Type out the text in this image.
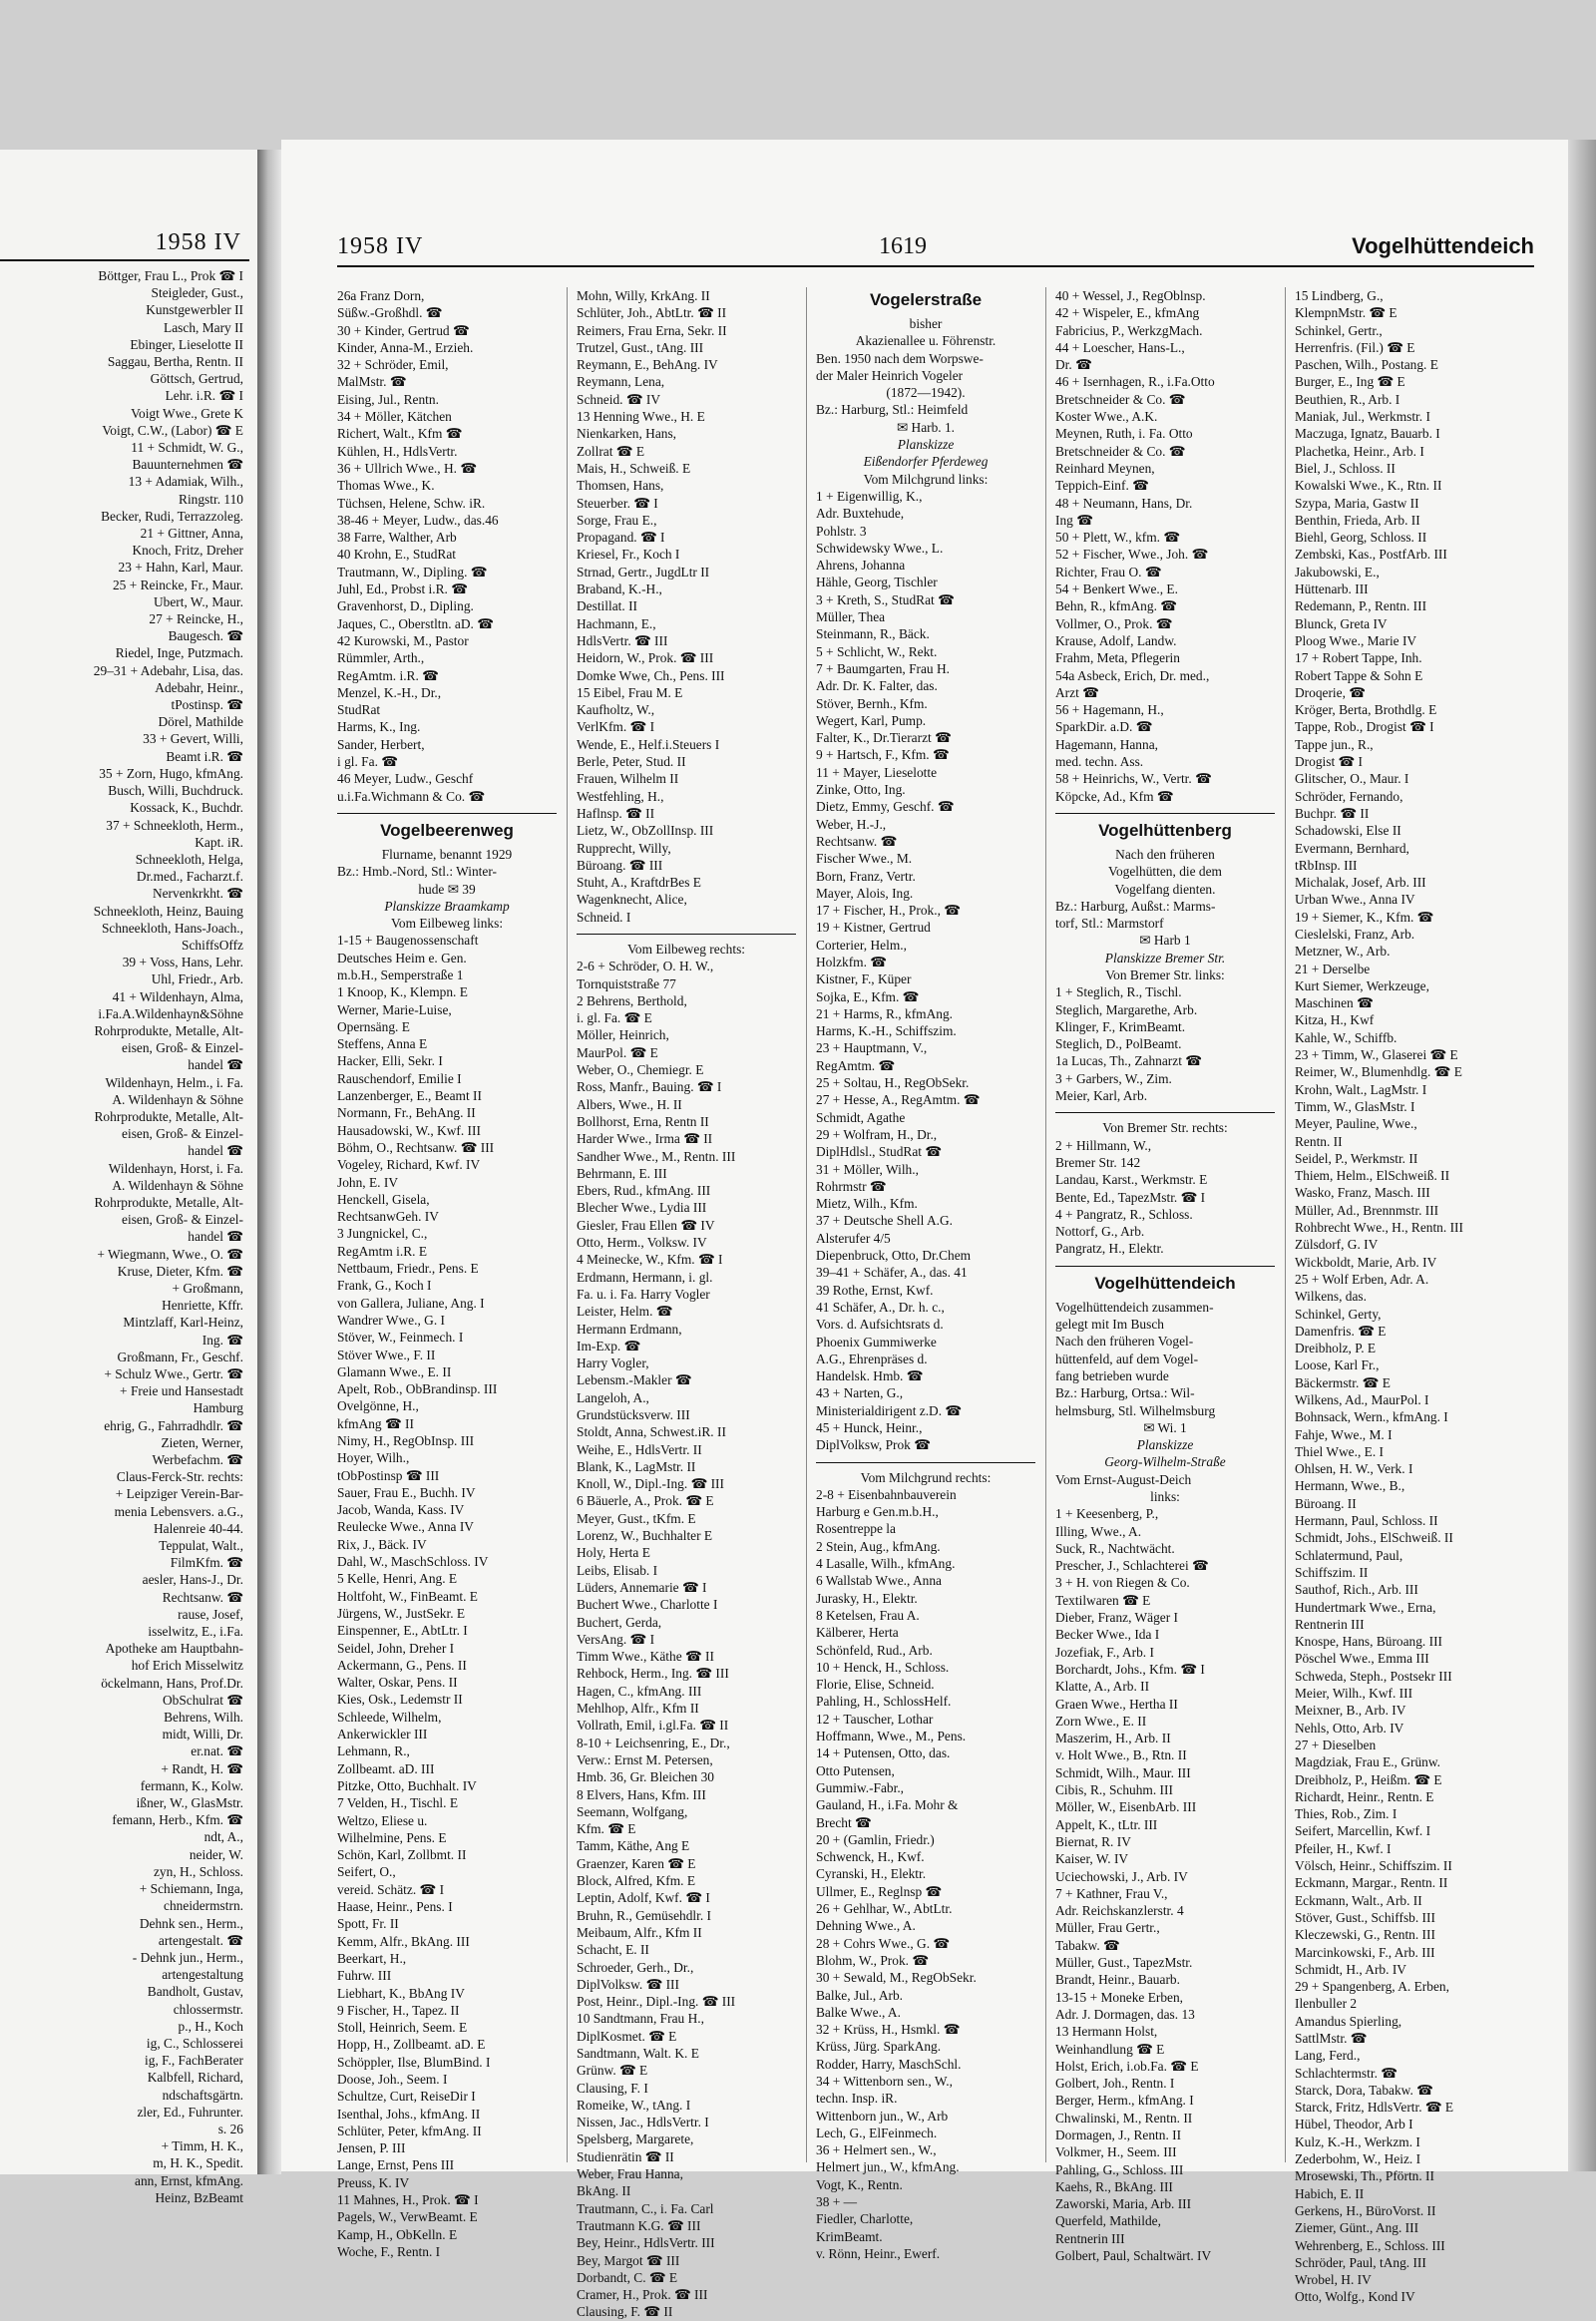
1958 IV
Böttger, Frau L., Prok ☎ I
Steigleder, Gust.,
Kunstgewerbler II
Lasch, Mary II
Ebinger, Lieselotte II
Saggau, Bertha, Rentn. II
Göttsch, Gertrud,
Lehr. i.R. ☎ I
Voigt Wwe., Grete K
Voigt, C.W., (Labor) ☎ E
11 + Schmidt, W. G.,
Bauunternehmen ☎
13 + Adamiak, Wilh.,
Ringstr. 110
Becker, Rudi, Terrazzoleg.
21 + Gittner, Anna,
Knoch, Fritz, Dreher
23 + Hahn, Karl, Maur.
25 + Reincke, Fr., Maur.
Ubert, W., Maur.
27 + Reincke, H.,
Baugesch. ☎
Riedel, Inge, Putzmach.
29–31 + Adebahr, Lisa, das.
Adebahr, Heinr.,
tPostinsp. ☎
Dörel, Mathilde
33 + Gevert, Willi,
Beamt i.R. ☎
35 + Zorn, Hugo, kfmAng.
Busch, Willi, Buchdruck.
Kossack, K., Buchdr.
37 + Schneekloth, Herm.,
Kapt. iR.
Schneekloth, Helga,
Dr.med., Facharzt.f.
Nervenkrkht. ☎
Schneekloth, Heinz, Bauing
Schneekloth, Hans-Joach.,
SchiffsOffz
39 + Voss, Hans, Lehr.
Uhl, Friedr., Arb.
41 + Wildenhayn, Alma,
i.Fa.A.Wildenhayn&Söhne
Rohrprodukte, Metalle, Alt-
eisen, Groß- & Einzel-
handel ☎
Wildenhayn, Helm., i. Fa.
A. Wildenhayn & Söhne
Rohrprodukte, Metalle, Alt-
eisen, Groß- & Einzel-
handel ☎
Wildenhayn, Horst, i. Fa.
A. Wildenhayn & Söhne
Rohrprodukte, Metalle, Alt-
eisen, Groß- & Einzel-
handel ☎
+ Wiegmann, Wwe., O. ☎
Kruse, Dieter, Kfm. ☎
+ Großmann,
Henriette, Kffr.
Mintzlaff, Karl-Heinz,
Ing. ☎
Großmann, Fr., Geschf.
+ Schulz Wwe., Gertr. ☎
+ Freie und Hansestadt
Hamburg
ehrig, G., Fahrradhdlr. ☎
Zieten, Werner,
Werbefachm. ☎
Claus-Ferck-Str. rechts:
+ Leipziger Verein-Bar-
menia Lebensvers. a.G.,
Halenreie 40-44.
Teppulat, Walt.,
FilmKfm. ☎
aesler, Hans-J., Dr.
Rechtsanw. ☎
rause, Josef,
isselwitz, E., i.Fa.
Apotheke am Hauptbahn-
hof Erich Misselwitz
öckelmann, Hans, Prof.Dr.
ObSchulrat ☎
Behrens, Wilh.
midt, Willi, Dr.
er.nat. ☎
+ Randt, H. ☎
fermann, K., Kolw.
ißner, W., GlasMstr.
femann, Herb., Kfm. ☎
ndt, A.,
neider, W.
zyn, H., Schloss.
+ Schiemann, Inga,
chneidermstrn.
Dehnk sen., Herm.,
artengestalt. ☎
- Dehnk jun., Herm.,
artengestaltung
Bandholt, Gustav,
chlossermstr.
p., H., Koch
ig, C., Schlosserei
ig, F., FachBerater
Kalbfell, Richard,
ndschaftsgärtn.
zler, Ed., Fuhrunter.
s. 26
+ Timm, H. K.,
m, H. K., Spedit.
ann, Ernst, kfmAng.
Heinz, BzBeamt
1958 IV	1619	Vogelhüttendeich
26a Franz Dorn,
Süßw.-Großhdl. ☎
30 + Kinder, Gertrud ☎
Kinder, Anna-M., Erzieh.
32 + Schröder, Emil,
MalMstr. ☎
Eising, Jul., Rentn.
34 + Möller, Kätchen
Richert, Walt., Kfm ☎
Kühlen, H., HdlsVertr.
36 + Ullrich Wwe., H. ☎
Thomas Wwe., K.
Tüchsen, Helene, Schw. iR.
38-46 + Meyer, Ludw., das.46
38 Farre, Walther, Arb
40 Krohn, E., StudRat
Trautmann, W., Dipling. ☎
Juhl, Ed., Probst i.R. ☎
Gravenhorst, D., Dipling.
Jaques, C., Oberstltn. aD. ☎
42 Kurowski, M., Pastor
Rümmler, Arth.,
RegAmtm. i.R. ☎
Menzel, K.-H., Dr.,
StudRat
Harms, K., Ing.
Sander, Herbert,
i gl. Fa. ☎
46 Meyer, Ludw., Geschf
u.i.Fa.Wichmann & Co. ☎
Vogelbeerenweg
Flurname, benannt 1929
Bz.: Hmb.-Nord, Stl.: Winter-
hude ✉ 39
Planskizze Braamkamp
Vom Eilbeweg links:
1-15 + Baugenossenschaft
Deutsches Heim e. Gen.
m.b.H., Semperstraße 1
1 Knoop, K., Klempn. E
Werner, Marie-Luise,
Opernsäng. E
Steffens, Anna E
Hacker, Elli, Sekr. I
Rauschendorf, Emilie I
Lanzenberger, E., Beamt II
Normann, Fr., BehAng. II
Hausadowski, W., Kwf. III
Böhm, O., Rechtsanw. ☎ III
Vogeley, Richard, Kwf. IV
John, E. IV
Henckell, Gisela,
RechtsanwGeh. IV
3 Jungnickel, C.,
RegAmtm i.R. E
Nettbaum, Friedr., Pens. E
Frank, G., Koch I
von Gallera, Juliane, Ang. I
Wandrer Wwe., G. I
Stöver, W., Feinmech. I
Stöver Wwe., F. II
Glamann Wwe., E. II
Apelt, Rob., ObBrandinsp. III
Ovelgönne, H.,
kfmAng ☎ II
Nimy, H., RegObInsp. III
Hoyer, Wilh.,
tObPostinsp ☎ III
Sauer, Frau E., Buchh. IV
Jacob, Wanda, Kass. IV
Reulecke Wwe., Anna IV
Rix, J., Bäck. IV
Dahl, W., MaschSchloss. IV
5 Kelle, Henri, Ang. E
Holtfoht, W., FinBeamt. E
Jürgens, W., JustSekr. E
Einspenner, E., AbtLtr. I
Seidel, John, Dreher I
Ackermann, G., Pens. II
Walter, Oskar, Pens. II
Kies, Osk., Ledemstr II
Schleede, Wilhelm,
Ankerwickler III
Lehmann, R.,
Zollbeamt. aD. III
Pitzke, Otto, Buchhalt. IV
7 Velden, H., Tischl. E
Weltzo, Eliese u.
Wilhelmine, Pens. E
Schön, Karl, Zollbmt. II
Seifert, O.,
vereid. Schätz. ☎ I
Haase, Heinr., Pens. I
Spott, Fr. II
Kemm, Alfr., BkAng. III
Beerkart, H.,
Fuhrw. III
Liebhart, K., BbAng IV
9 Fischer, H., Tapez. II
Stoll, Heinrich, Seem. E
Hopp, H., Zollbeamt. aD. E
Schöppler, Ilse, BlumBind. I
Doose, Joh., Seem. I
Schultze, Curt, ReiseDir I
Isenthal, Johs., kfmAng. II
Schlüter, Peter, kfmAng. II
Jensen, P. III
Lange, Ernst, Pens III
Preuss, K. IV
11 Mahnes, H., Prok. ☎ I
Pagels, W., VerwBeamt. E
Kamp, H., ObKelln. E
Woche, F., Rentn. I
Mohn, Willy, KrkAng. II
Schlüter, Joh., AbtLtr. ☎ II
Reimers, Frau Erna, Sekr. II
Trutzel, Gust., tAng. III
Reymann, E., BehAng. IV
Reymann, Lena,
Schneid. ☎ IV
13 Henning Wwe., H. E
Nienkarken, Hans,
Zollrat ☎ E
Mais, H., Schweiß. E
Thomsen, Hans,
Steuerber. ☎ I
Sorge, Frau E.,
Propagand. ☎ I
Kriesel, Fr., Koch I
Strnad, Gertr., JugdLtr II
Braband, K.-H.,
Destillat. II
Hachmann, E.,
HdlsVertr. ☎ III
Heidorn, W., Prok. ☎ III
Domke Wwe, Ch., Pens. III
15 Eibel, Frau M. E
Kaufholtz, W.,
VerlKfm. ☎ I
Wende, E., Helf.i.Steuers I
Berle, Peter, Stud. II
Frauen, Wilhelm II
Westfehling, H.,
Haflnsp. ☎ II
Lietz, W., ObZollInsp. III
Rupprecht, Willy,
Büroang. ☎ III
Stuht, A., KraftdrBes E
Wagenknecht, Alice,
Schneid. I
Vom Eilbeweg rechts:
2-6 + Schröder, O. H. W.,
Tornquiststraße 77
2 Behrens, Berthold,
i. gl. Fa. ☎ E
Möller, Heinrich,
MaurPol. ☎ E
Weber, O., Chemiegr. E
Ross, Manfr., Bauing. ☎ I
Albers, Wwe., H. II
Bollhorst, Erna, Rentn II
Harder Wwe., Irma ☎ II
Sandher Wwe., M., Rentn. III
Behrmann, E. III
Ebers, Rud., kfmAng. III
Blecher Wwe., Lydia III
Giesler, Frau Ellen ☎ IV
Otto, Herm., Volksw. IV
4 Meinecke, W., Kfm. ☎ I
Erdmann, Hermann, i. gl.
Fa. u. i. Fa. Harry Vogler
Leister, Helm. ☎
Hermann Erdmann,
Im-Exp. ☎
Harry Vogler,
Lebensm.-Makler ☎
Langeloh, A.,
Grundstücksverw. III
Stoldt, Anna, Schwest.iR. II
Weihe, E., HdlsVertr. II
Blank, K., LagMstr. II
Knoll, W., Dipl.-Ing. ☎ III
6 Bäuerle, A., Prok. ☎ E
Meyer, Gust., tKfm. E
Lorenz, W., Buchhalter E
Holy, Herta E
Leibs, Elisab. I
Lüders, Annemarie ☎ I
Buchert Wwe., Charlotte I
Buchert, Gerda,
VersAng. ☎ I
Timm Wwe., Käthe ☎ II
Rehbock, Herm., Ing. ☎ III
Hagen, C., kfmAng. III
Mehlhop, Alfr., Kfm II
Vollrath, Emil, i.gl.Fa. ☎ II
8-10 + Leichsenring, E., Dr.,
Verw.: Ernst M. Petersen,
Hmb. 36, Gr. Bleichen 30
8 Elvers, Hans, Kfm. III
Seemann, Wolfgang,
Kfm. ☎ E
Tamm, Käthe, Ang E
Graenzer, Karen ☎ E
Block, Alfred, Kfm. E
Leptin, Adolf, Kwf. ☎ I
Bruhn, R., Gemüsehdlr. I
Meibaum, Alfr., Kfm II
Schacht, E. II
Schroeder, Gerh., Dr.,
DiplVolksw. ☎ III
Post, Heinr., Dipl.-Ing. ☎ III
10 Sandtmann, Frau H.,
DiplKosmet. ☎ E
Sandtmann, Walt. K. E
Grünw. ☎ E
Clausing, F. I
Romeike, W., tAng. I
Nissen, Jac., HdlsVertr. I
Spelsberg, Margarete,
Studienrätin ☎ II
Weber, Frau Hanna,
BkAng. II
Trautmann, C., i. Fa. Carl
Trautmann K.G. ☎ III
Bey, Heinr., HdlsVertr. III
Bey, Margot ☎ III
Dorbandt, C. ☎ E
Cramer, H., Prok. ☎ III
Clausing, F. ☎ II
Vogelerstraße
bisher
Akazienallee u. Föhrenstr.
Ben. 1950 nach dem Worpswe-
der Maler Heinrich Vogeler
(1872—1942).
Bz.: Harburg, Stl.: Heimfeld
✉ Harb. 1.
Planskizze
Eißendorfer Pferdeweg
Vom Milchgrund links:
1 + Eigenwillig, K.,
Adr. Buxtehude,
Pohlstr. 3
Schwidewsky Wwe., L.
Ahrens, Johanna
Hähle, Georg, Tischler
3 + Kreth, S., StudRat ☎
Müller, Thea
Steinmann, R., Bäck.
5 + Schlicht, W., Rekt.
7 + Baumgarten, Frau H.
Adr. Dr. K. Falter, das.
Stöver, Bernh., Kfm.
Wegert, Karl, Pump.
Falter, K., Dr.Tierarzt ☎
9 + Hartsch, F., Kfm. ☎
11 + Mayer, Lieselotte
Zinke, Otto, Ing.
Dietz, Emmy, Geschf. ☎
Weber, H.-J.,
Rechtsanw. ☎
Fischer Wwe., M.
Born, Franz, Vertr.
Mayer, Alois, Ing.
17 + Fischer, H., Prok., ☎
19 + Kistner, Gertrud
Corterier, Helm.,
Holzkfm. ☎
Kistner, F., Küper
Sojka, E., Kfm. ☎
21 + Harms, R., kfmAng.
Harms, K.-H., Schiffszim.
23 + Hauptmann, V.,
RegAmtm. ☎
25 + Soltau, H., RegObSekr.
27 + Hesse, A., RegAmtm. ☎
Schmidt, Agathe
29 + Wolfram, H., Dr.,
DiplHdlsl., StudRat ☎
31 + Möller, Wilh.,
Rohrmstr ☎
Mietz, Wilh., Kfm.
37 + Deutsche Shell A.G.
Alsterufer 4/5
Diepenbruck, Otto, Dr.Chem
39–41 + Schäfer, A., das. 41
39 Rothe, Ernst, Kwf.
41 Schäfer, A., Dr. h. c.,
Vors. d. Aufsichtsrats d.
Phoenix Gummiwerke
A.G., Ehrenpräses d.
Handelsk. Hmb. ☎
43 + Narten, G.,
Ministerialdirigent z.D. ☎
45 + Hunck, Heinr.,
DiplVolksw, Prok ☎
Vom Milchgrund rechts:
2-8 + Eisenbahnbauverein
Harburg e Gen.m.b.H.,
Rosentreppe la
2 Stein, Aug., kfmAng.
4 Lasalle, Wilh., kfmAng.
6 Wallstab Wwe., Anna
Jurasky, H., Elektr.
8 Ketelsen, Frau A.
Kälberer, Herta
Schönfeld, Rud., Arb.
10 + Henck, H., Schloss.
Florie, Elise, Schneid.
Pahling, H., SchlossHelf.
12 + Tauscher, Lothar
Hoffmann, Wwe., M., Pens.
14 + Putensen, Otto, das.
Otto Putensen,
Gummiw.-Fabr.,
Gauland, H., i.Fa. Mohr &
Brecht ☎
20 + (Gamlin, Friedr.)
Schwenck, H., Kwf.
Cyranski, H., Elektr.
Ullmer, E., Reglnsp ☎
26 + Gehlhar, W., AbtLtr.
Dehning Wwe., A.
28 + Cohrs Wwe., G. ☎
Blohm, W., Prok. ☎
30 + Sewald, M., RegObSekr.
Balke, Jul., Arb.
Balke Wwe., A.
32 + Krüss, H., Hsmkl. ☎
Krüss, Jürg. SparkAng.
Rodder, Harry, MaschSchl.
34 + Wittenborn sen., W.,
techn. Insp. iR.
Wittenborn jun., W., Arb
Lech, G., ElFeinmech.
36 + Helmert sen., W.,
Helmert jun., W., kfmAng.
Vogt, K., Rentn.
38 + —
Fiedler, Charlotte,
KrimBeamt.
v. Rönn, Heinr., Ewerf.
40 + Wessel, J., RegOblnsp.
42 + Wispeler, E., kfmAng
Fabricius, P., WerkzgMach.
44 + Loescher, Hans-L.,
Dr. ☎
46 + Isernhagen, R., i.Fa.Otto
Bretschneider & Co. ☎
Koster Wwe., A.K.
Meynen, Ruth, i. Fa. Otto
Bretschneider & Co. ☎
Reinhard Meynen,
Teppich-Einf. ☎
48 + Neumann, Hans, Dr.
Ing ☎
50 + Plett, W., kfm. ☎
52 + Fischer, Wwe., Joh. ☎
Richter, Frau O. ☎
54 + Benkert Wwe., E.
Behn, R., kfmAng. ☎
Vollmer, O., Prok. ☎
Krause, Adolf, Landw.
Frahm, Meta, Pflegerin
54a Asbeck, Erich, Dr. med.,
Arzt ☎
56 + Hagemann, H.,
SparkDir. a.D. ☎
Hagemann, Hanna,
med. techn. Ass.
58 + Heinrichs, W., Vertr. ☎
Köpcke, Ad., Kfm ☎
Vogelhüttenberg
Nach den früheren
Vogelhütten, die dem
Vogelfang dienten.
Bz.: Harburg, Außst.: Marms-
torf, Stl.: Marmstorf
✉ Harb 1
Planskizze Bremer Str.
Von Bremer Str. links:
1 + Steglich, R., Tischl.
Steglich, Margarethe, Arb.
Klinger, F., KrimBeamt.
Steglich, D., PolBeamt.
1a Lucas, Th., Zahnarzt ☎
3 + Garbers, W., Zim.
Meier, Karl, Arb.
Von Bremer Str. rechts:
2 + Hillmann, W.,
Bremer Str. 142
Landau, Karst., Werkmstr. E
Bente, Ed., TapezMstr. ☎ I
4 + Pangratz, R., Schloss.
Nottorf, G., Arb.
Pangratz, H., Elektr.
Vogelhüttendeich
Vogelhüttendeich zusammen-
gelegt mit Im Busch
Nach den früheren Vogel-
hüttenfeld, auf dem Vogel-
fang betrieben wurde
Bz.: Harburg, Ortsa.: Wil-
helmsburg, Stl. Wilhelmsburg
✉ Wi. 1
Planskizze
Georg-Wilhelm-Straße
Vom Ernst-August-Deich
links:
1 + Keesenberg, P.,
Illing, Wwe., A.
Suck, R., Nachtwächt.
Prescher, J., Schlachterei ☎
3 + H. von Riegen & Co.
Textilwaren ☎ E
Dieber, Franz, Wäger I
Becker Wwe., Ida I
Jozefiak, F., Arb. I
Borchardt, Johs., Kfm. ☎ I
Klatte, A., Arb. II
Graen Wwe., Hertha II
Zorn Wwe., E. II
Maszerim, H., Arb. II
v. Holt Wwe., B., Rtn. II
Schmidt, Wilh., Maur. III
Cibis, R., Schuhm. III
Möller, W., EisenbArb. III
Appelt, K., tLtr. III
Biernat, R. IV
Kaiser, W. IV
Uciechowski, J., Arb. IV
7 + Kathner, Frau V.,
Adr. Reichskanzlerstr. 4
Müller, Frau Gertr.,
Tabakw. ☎
Müller, Gust., TapezMstr.
Brandt, Heinr., Bauarb.
13-15 + Moneke Erben,
Adr. J. Dormagen, das. 13
13 Hermann Holst,
Weinhandlung ☎ E
Holst, Erich, i.ob.Fa. ☎ E
Golbert, Joh., Rentn. I
Berger, Herm., kfmAng. I
Chwalinski, M., Rentn. II
Dormagen, J., Rentn. II
Volkmer, H., Seem. III
Pahling, G., Schloss. III
Kaehs, R., BkAng. III
Zaworski, Maria, Arb. III
Querfeld, Mathilde,
Rentnerin III
Golbert, Paul, Schaltwärt. IV
15 Lindberg, G.,
KlempnMstr. ☎ E
Schinkel, Gertr.,
Herrenfris. (Fil.) ☎ E
Paschen, Wilh., Postang. E
Burger, E., Ing ☎ E
Beuthien, R., Arb. I
Maniak, Jul., Werkmstr. I
Maczuga, Ignatz, Bauarb. I
Plachetka, Heinr., Arb. I
Biel, J., Schloss. II
Kowalski Wwe., K., Rtn. II
Szypa, Maria, Gastw II
Benthin, Frieda, Arb. II
Biehl, Georg, Schloss. II
Zembski, Kas., PostfArb. III
Jakubowski, E.,
Hüttenarb. III
Redemann, P., Rentn. III
Blunck, Greta IV
Ploog Wwe., Marie IV
17 + Robert Tappe, Inh.
Robert Tappe & Sohn E
Droqerie, ☎
Kröger, Berta, Brothdlg. E
Tappe, Rob., Drogist ☎ I
Tappe jun., R.,
Drogist ☎ I
Glitscher, O., Maur. I
Schröder, Fernando,
Buchpr. ☎ II
Schadowski, Else II
Evermann, Bernhard,
tRbInsp. III
Michalak, Josef, Arb. III
Urban Wwe., Anna IV
19 + Siemer, K., Kfm. ☎
Cieslelski, Franz, Arb.
Metzner, W., Arb.
21 + Derselbe
Kurt Siemer, Werkzeuge,
Maschinen ☎
Kitza, H., Kwf
Kahle, W., Schiffb.
23 + Timm, W., Glaserei ☎ E
Reimer, W., Blumenhdlg. ☎ E
Krohn, Walt., LagMstr. I
Timm, W., GlasMstr. I
Meyer, Pauline, Wwe.,
Rentn. II
Seidel, P., Werkmstr. II
Thiem, Helm., ElSchweiß. II
Wasko, Franz, Masch. III
Müller, Ad., Brennmstr. III
Rohbrecht Wwe., H., Rentn. III
Zülsdorf, G. IV
Wickboldt, Marie, Arb. IV
25 + Wolf Erben, Adr. A.
Wilkens, das.
Schinkel, Gerty,
Damenfris. ☎ E
Dreibholz, P. E
Loose, Karl Fr.,
Bäckermstr. ☎ E
Wilkens, Ad., MaurPol. I
Bohnsack, Wern., kfmAng. I
Fahje, Wwe., M. I
Thiel Wwe., E. I
Ohlsen, H. W., Verk. I
Hermann, Wwe., B.,
Büroang. II
Hermann, Paul, Schloss. II
Schmidt, Johs., ElSchweiß. II
Schlatermund, Paul,
Schiffszim. II
Sauthof, Rich., Arb. III
Hundertmark Wwe., Erna,
Rentnerin III
Knospe, Hans, Büroang. III
Pöschel Wwe., Emma III
Schweda, Steph., Postsekr III
Meier, Wilh., Kwf. III
Meixner, B., Arb. IV
Nehls, Otto, Arb. IV
27 + Dieselben
Magdziak, Frau E., Grünw.
Dreibholz, P., Heißm. ☎ E
Richardt, Heinr., Rentn. E
Thies, Rob., Zim. I
Seifert, Marcellin, Kwf. I
Pfeiler, H., Kwf. I
Völsch, Heinr., Schiffszim. II
Eckmann, Margar., Rentn. II
Eckmann, Walt., Arb. II
Stöver, Gust., Schiffsb. III
Kleczewski, G., Rentn. III
Marcinkowski, F., Arb. III
Schmidt, H., Arb. IV
29 + Spangenberg, A. Erben,
Ilenbuller 2
Amandus Spierling,
SattlMstr. ☎
Lang, Ferd.,
Schlachtermstr. ☎
Starck, Dora, Tabakw. ☎
Starck, Fritz, HdlsVertr. ☎ E
Hübel, Theodor, Arb I
Kulz, K.-H., Werkzm. I
Zederbohm, W., Heiz. I
Mrosewski, Th., Pförtn. II
Habich, E. II
Gerkens, H., BüroVorst. II
Ziemer, Günt., Ang. III
Wehrenberg, E., Schloss. III
Schröder, Paul, tAng. III
Wrobel, H. IV
Otto, Wolfg., Kond IV
